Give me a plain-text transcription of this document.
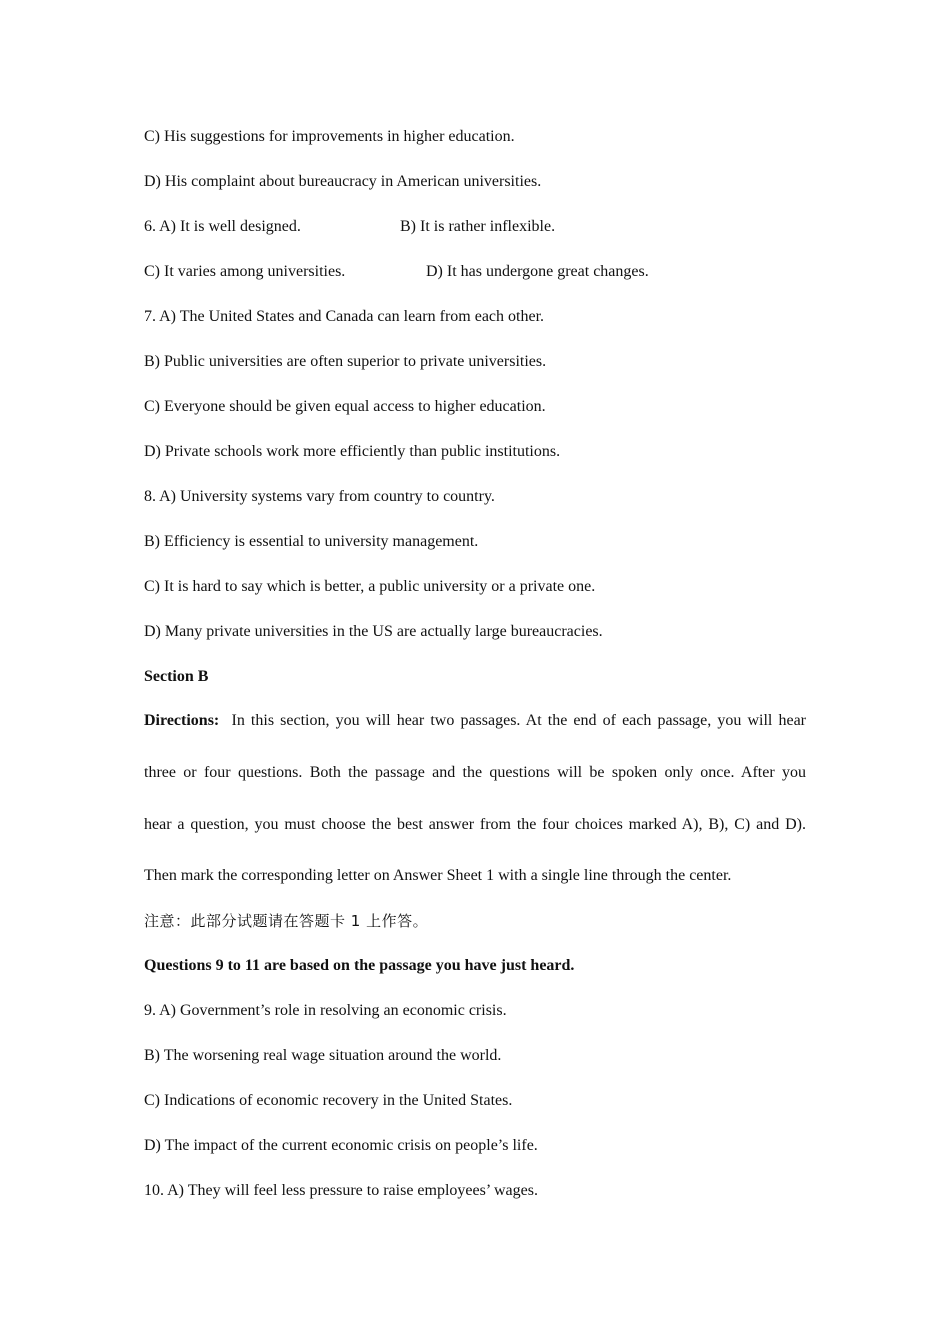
C) His suggestions for improvements in higher education.
D) His complaint about bureaucracy in American universities.
6. A) It is well designed.	B) It is rather inflexible.
C) It varies among universities.	D) It has undergone great changes.
7. A) The United States and Canada can learn from each other.
B) Public universities are often superior to private universities.
C) Everyone should be given equal access to higher education.
D) Private schools work more efficiently than public institutions.
8. A) University systems vary from country to country.
B) Efficiency is essential to university management.
C) It is hard to say which is better, a public university or a private one.
D) Many private universities in the US are actually large bureaucracies.
Section B
Directions: In this section, you will hear two passages. At the end of each passage, you will hear
three or four questions. Both the passage and the questions will be spoken only once. After you
hear a question, you must choose the best answer from the four choices marked A), B), C) and D).
Then mark the corresponding letter on Answer Sheet 1 with a single line through the center.
注意：此部分试题请在答题卡 1 上作答。
Questions 9 to 11 are based on the passage you have just heard.
9. A) Government’s role in resolving an economic crisis.
B) The worsening real wage situation around the world.
C) Indications of economic recovery in the United States.
D) The impact of the current economic crisis on people’s life.
10. A) They will feel less pressure to raise employees’ wages.
